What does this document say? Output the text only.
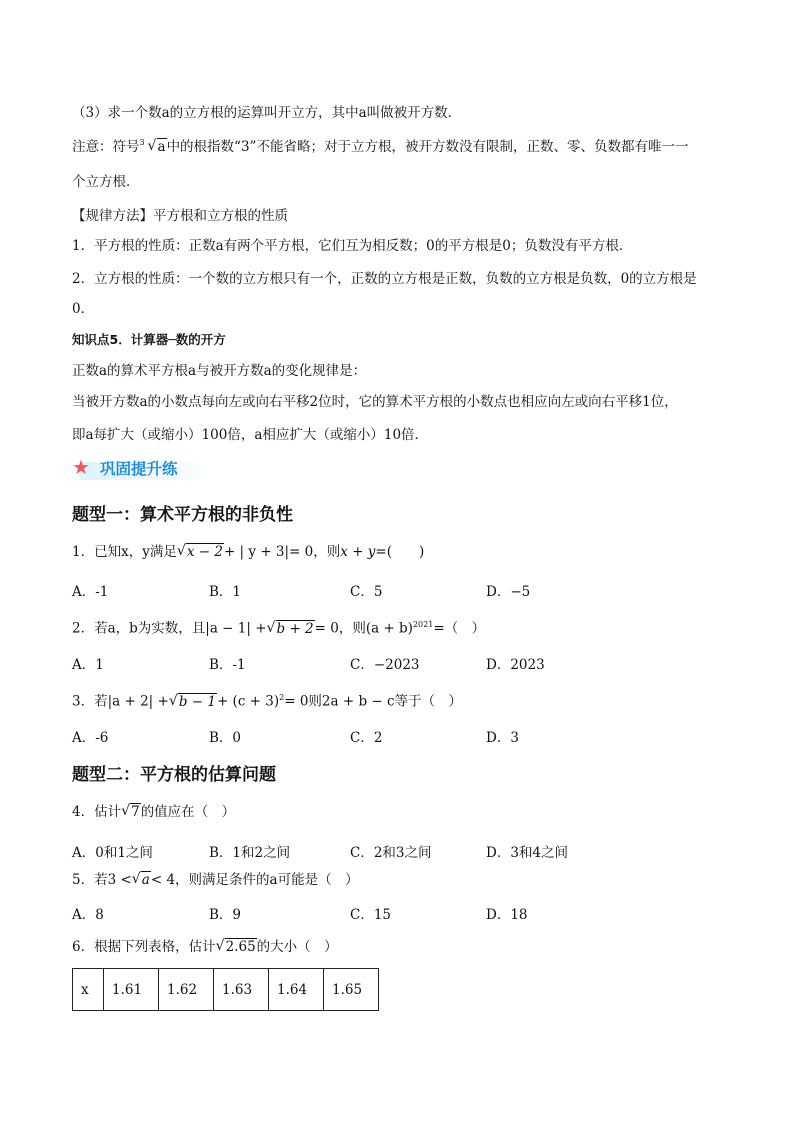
（3）求一个数a的立方根的运算叫开立方，其中a叫做被开方数．
注意：符号 3 √ a中的根指数“3”不能省略；对于立方根，被开方数没有限制，正数、零、负数都有唯一一
个立方根．
【规律方法】平方根和立方根的性质
1．平方根的性质：正数a有两个平方根，它们互为相反数；0的平方根是0；负数没有平方根．
2．立方根的性质：一个数的立方根只有一个，正数的立方根是正数，负数的立方根是负数，0的立方根是
0．
知识点5．计算器─数的开方
正数a的算术平方根a与被开方数a的变化规律是：
当被开方数a的小数点每向左或向右平移2位时，它的算术平方根的小数点也相应向左或向右平移1位，
即a每扩大（或缩小）100倍，a相应扩大（或缩小）10倍．
★ 巩固提升练
题型一：算术平方根的非负性
1．已知x，y满足 √ x − 2+ | y + 3|= 0，则x + y=(　　)
A．-1	B．1	C．5	D．−5
2．若a，b为实数，且|a − 1| + √ b + 2= 0，则$(a + b)^{2021}=$（　）
A．1	B．-1	C．−2023	D．2023
3．若|a + 2| + √ $b - 1+ (c + 3)^2= 0$则2a + b − c等于（　）
A．-6	B．0	C．2	D．3
题型二：平方根的估算问题
4．估计 √ 7的值应在（　）
A．0和1之间	B．1和2之间	C．2和3之间	D．3和4之间
5．若3 < √ a< 4，则满足条件的a可能是（　）
A．8	B．9	C．15	D．18
6．根据下列表格，估计 √ 2.65的大小（　）
x	1.61	1.62	1.63	1.64	1.65
